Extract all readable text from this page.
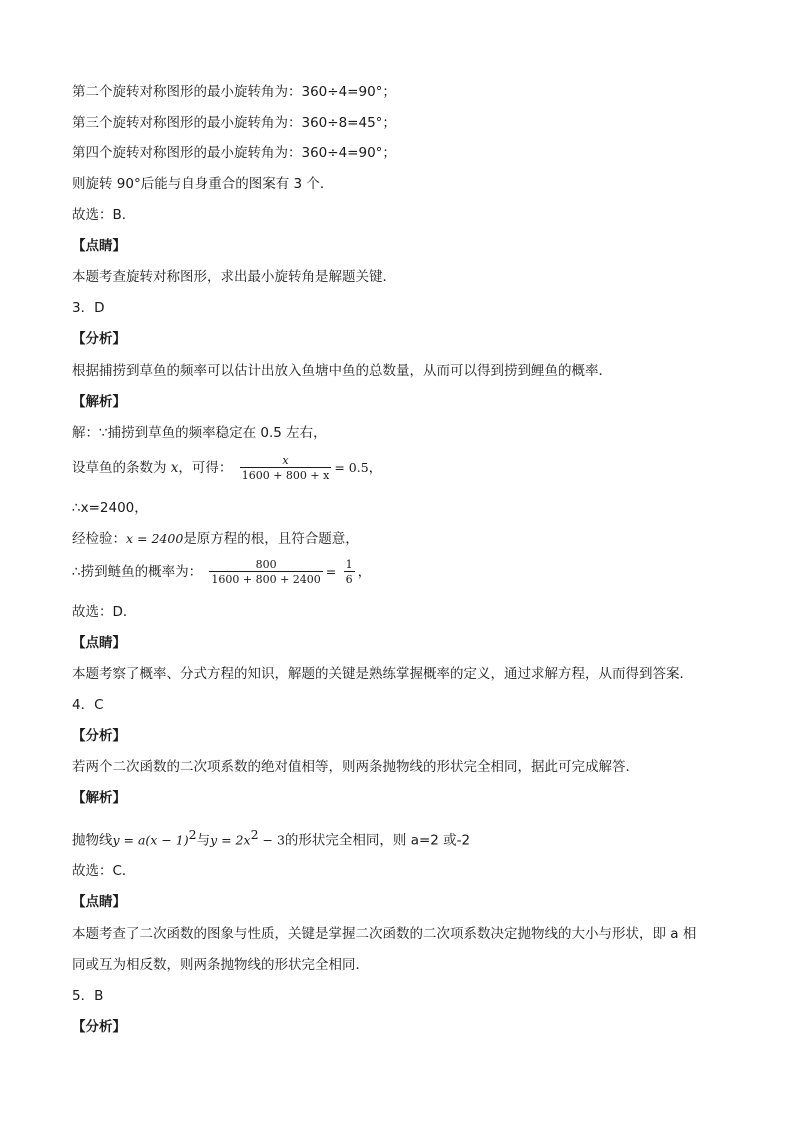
第二个旋转对称图形的最小旋转角为：360÷4=90°；
第三个旋转对称图形的最小旋转角为：360÷8=45°；
第四个旋转对称图形的最小旋转角为：360÷4=90°；
则旋转 90°后能与自身重合的图案有 3 个．
故选：B．
【点睛】
本题考查旋转对称图形，求出最小旋转角是解题关键．
3．D
【分析】
根据捕捞到草鱼的频率可以估计出放入鱼塘中鱼的总数量，从而可以得到捞到鲤鱼的概率．
【解析】
解：∵捕捞到草鱼的频率稳定在 0.5 左右，
设草鱼的条数为 x，可得： $\frac{x}{1600 + 800 + x} = 0.5$，
∴x=2400，
经检验：x = 2400是原方程的根，且符合题意，
∴捞到鲢鱼的概率为： $\frac{800}{1600 + 800 + 2400} = \frac{1}{6}$ ，
故选：D．
【点睛】
本题考察了概率、分式方程的知识，解题的关键是熟练掌握概率的定义，通过求解方程，从而得到答案．
4．C
【分析】
若两个二次函数的二次项系数的绝对值相等，则两条抛物线的形状完全相同，据此可完成解答．
【解析】
抛物线$y = a(x - 1)^2$与$y = 2x^2 - 3$的形状完全相同，则 a=2 或-2
故选：C．
【点睛】
本题考查了二次函数的图象与性质，关键是掌握二次函数的二次项系数决定抛物线的大小与形状，即 a 相
同或互为相反数，则两条抛物线的形状完全相同．
5．B
【分析】
